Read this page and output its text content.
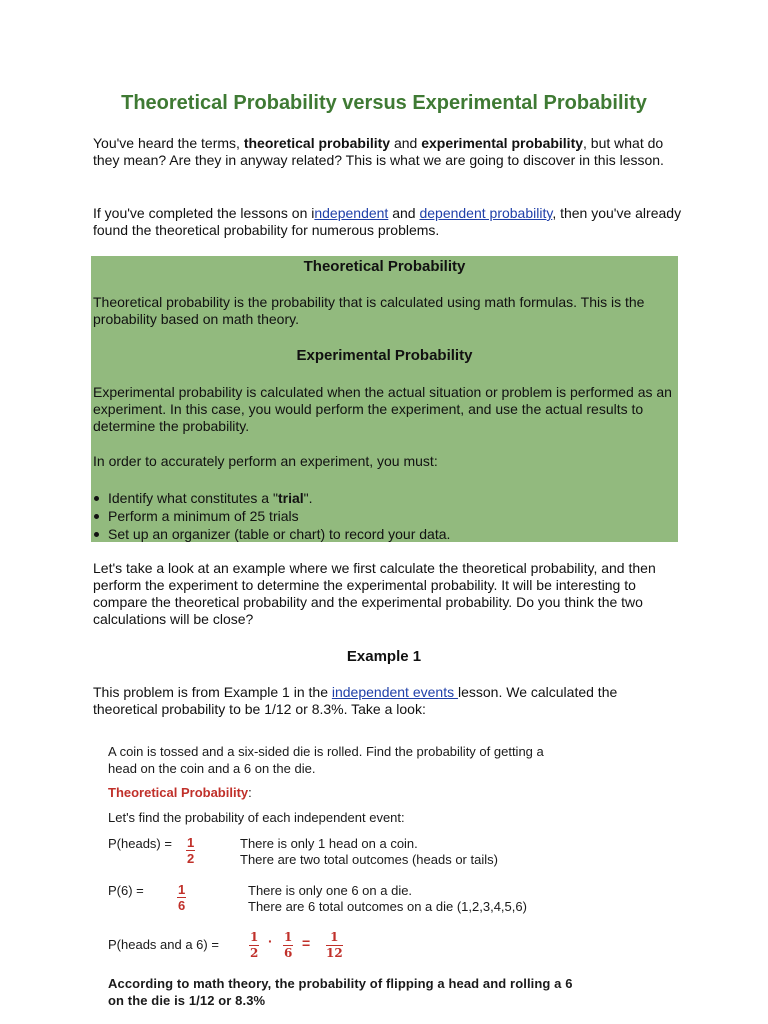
Theoretical Probability versus Experimental Probability

You've heard the terms, theoretical probability and experimental probability, but what do they mean? Are they in anyway related? This is what we are going to discover in this lesson.

If you've completed the lessons on independent and dependent probability, then you've already found the theoretical probability for numerous problems.

Theoretical Probability

Theoretical probability is the probability that is calculated using math formulas. This is the probability based on math theory.

Experimental Probability

Experimental probability is calculated when the actual situation or problem is performed as an experiment. In this case, you would perform the experiment, and use the actual results to determine the probability.

In order to accurately perform an experiment, you must:

Identify what constitutes a "trial".
Perform a minimum of 25 trials
Set up an organizer (table or chart) to record your data.

Let's take a look at an example where we first calculate the theoretical probability, and then perform the experiment to determine the experimental probability. It will be interesting to compare the theoretical probability and the experimental probability. Do you think the two calculations will be close?

Example 1

This problem is from Example 1 in the independent events lesson. We calculated the theoretical probability to be 1/12 or 8.3%. Take a look:

A coin is tossed and a six-sided die is rolled. Find the probability of getting a

head on the coin and a 6 on the die.

Theoretical Probability:

Let's find the probability of each independent event:

P(heads) = $\frac{1}{2}$	There is only 1 head on a coin.

There are two total outcomes (heads or tails)

P(6) =	$\frac{1}{6}$	There is only one 6 on a die.

There are 6 total outcomes on a die (1,2,3,4,5,6)

P(heads and a 6) =	$\frac{1}{2} \cdot \frac{1}{6} = \frac{1}{12}$

According to math theory, the probability of flipping a head and rolling a 6

on the die is 1/12 or 8.3%
